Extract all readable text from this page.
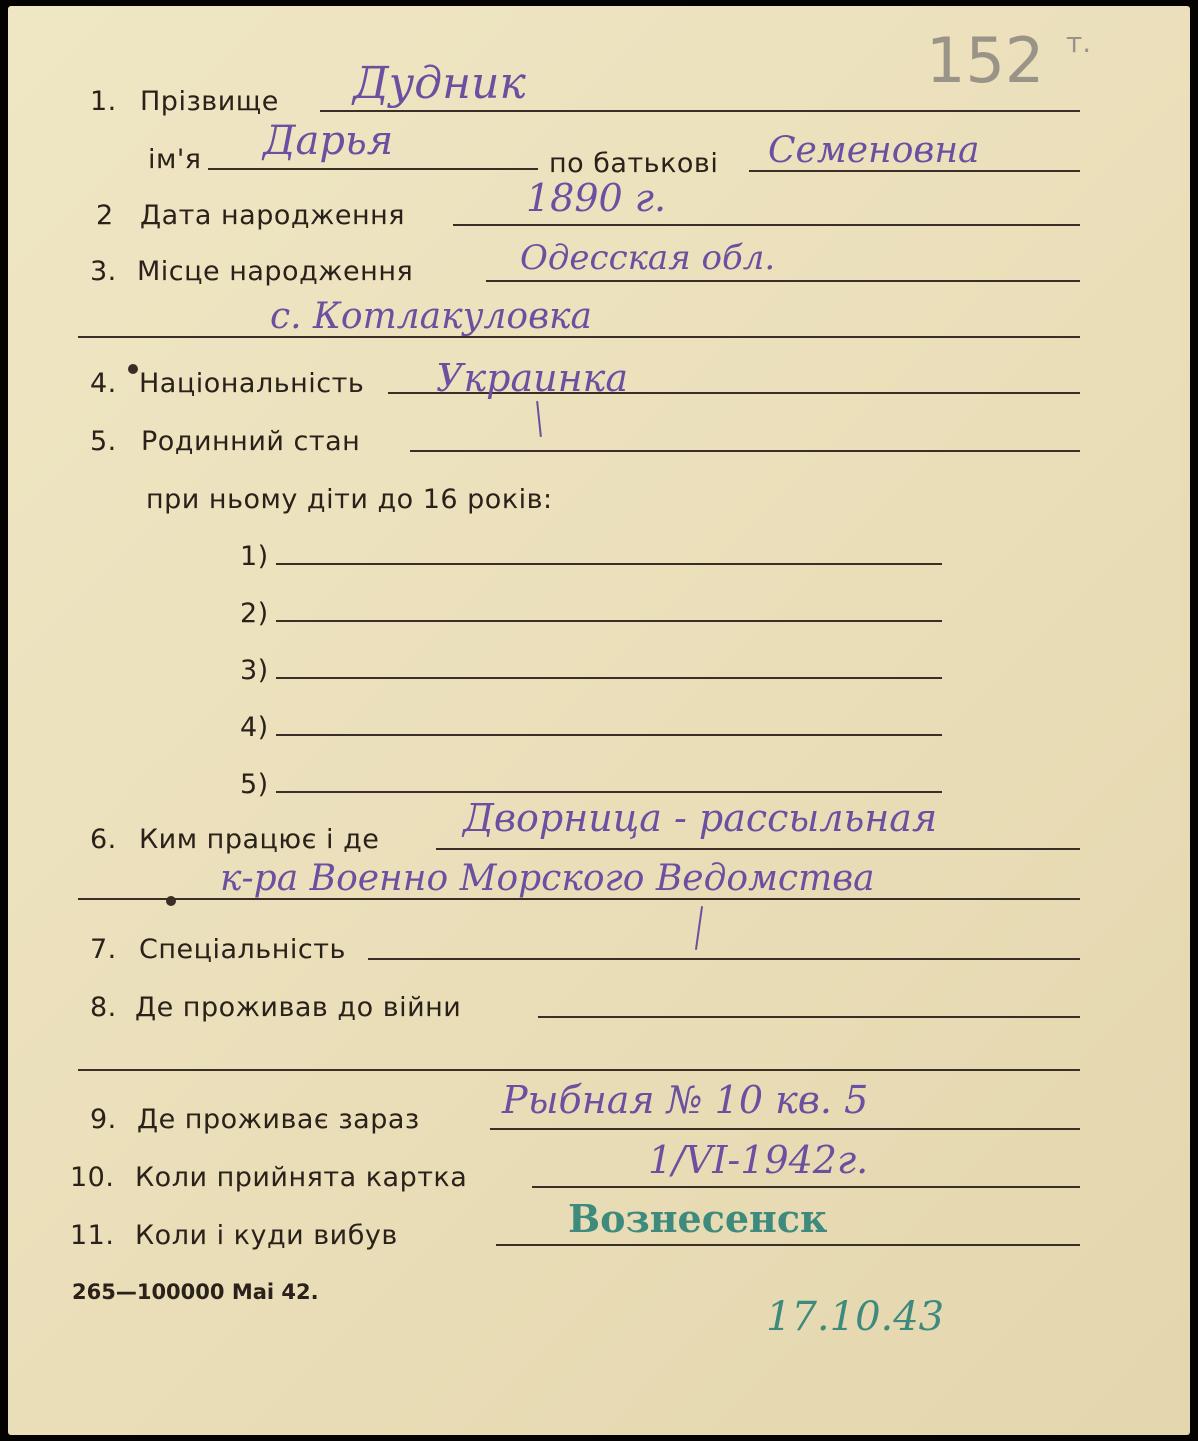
152 т.
1. Прізвище Дудник
ім'я Дарья	по батькові Семеновна
2 Дата народження	1890 г.
3. Місце народження	Одесская обл.
с. Котлакуловка
4. Національність Украинка
5. Родинний стан
при ньому діти до 16 років:
1)
2)
3)
4)
5)
6. Ким працює і де Дворница - рассыльная
к-ра Военно Морского Ведомства
7. Спеціальність
8. Де проживав до війни
9. Де проживає зараз Рыбная № 10 кв. 5
10. Коли прийнята картка	1/VI-1942г.
11. Коли і куди вибув	Вознесенск
265—100000 Mai 42.
17.10.43
